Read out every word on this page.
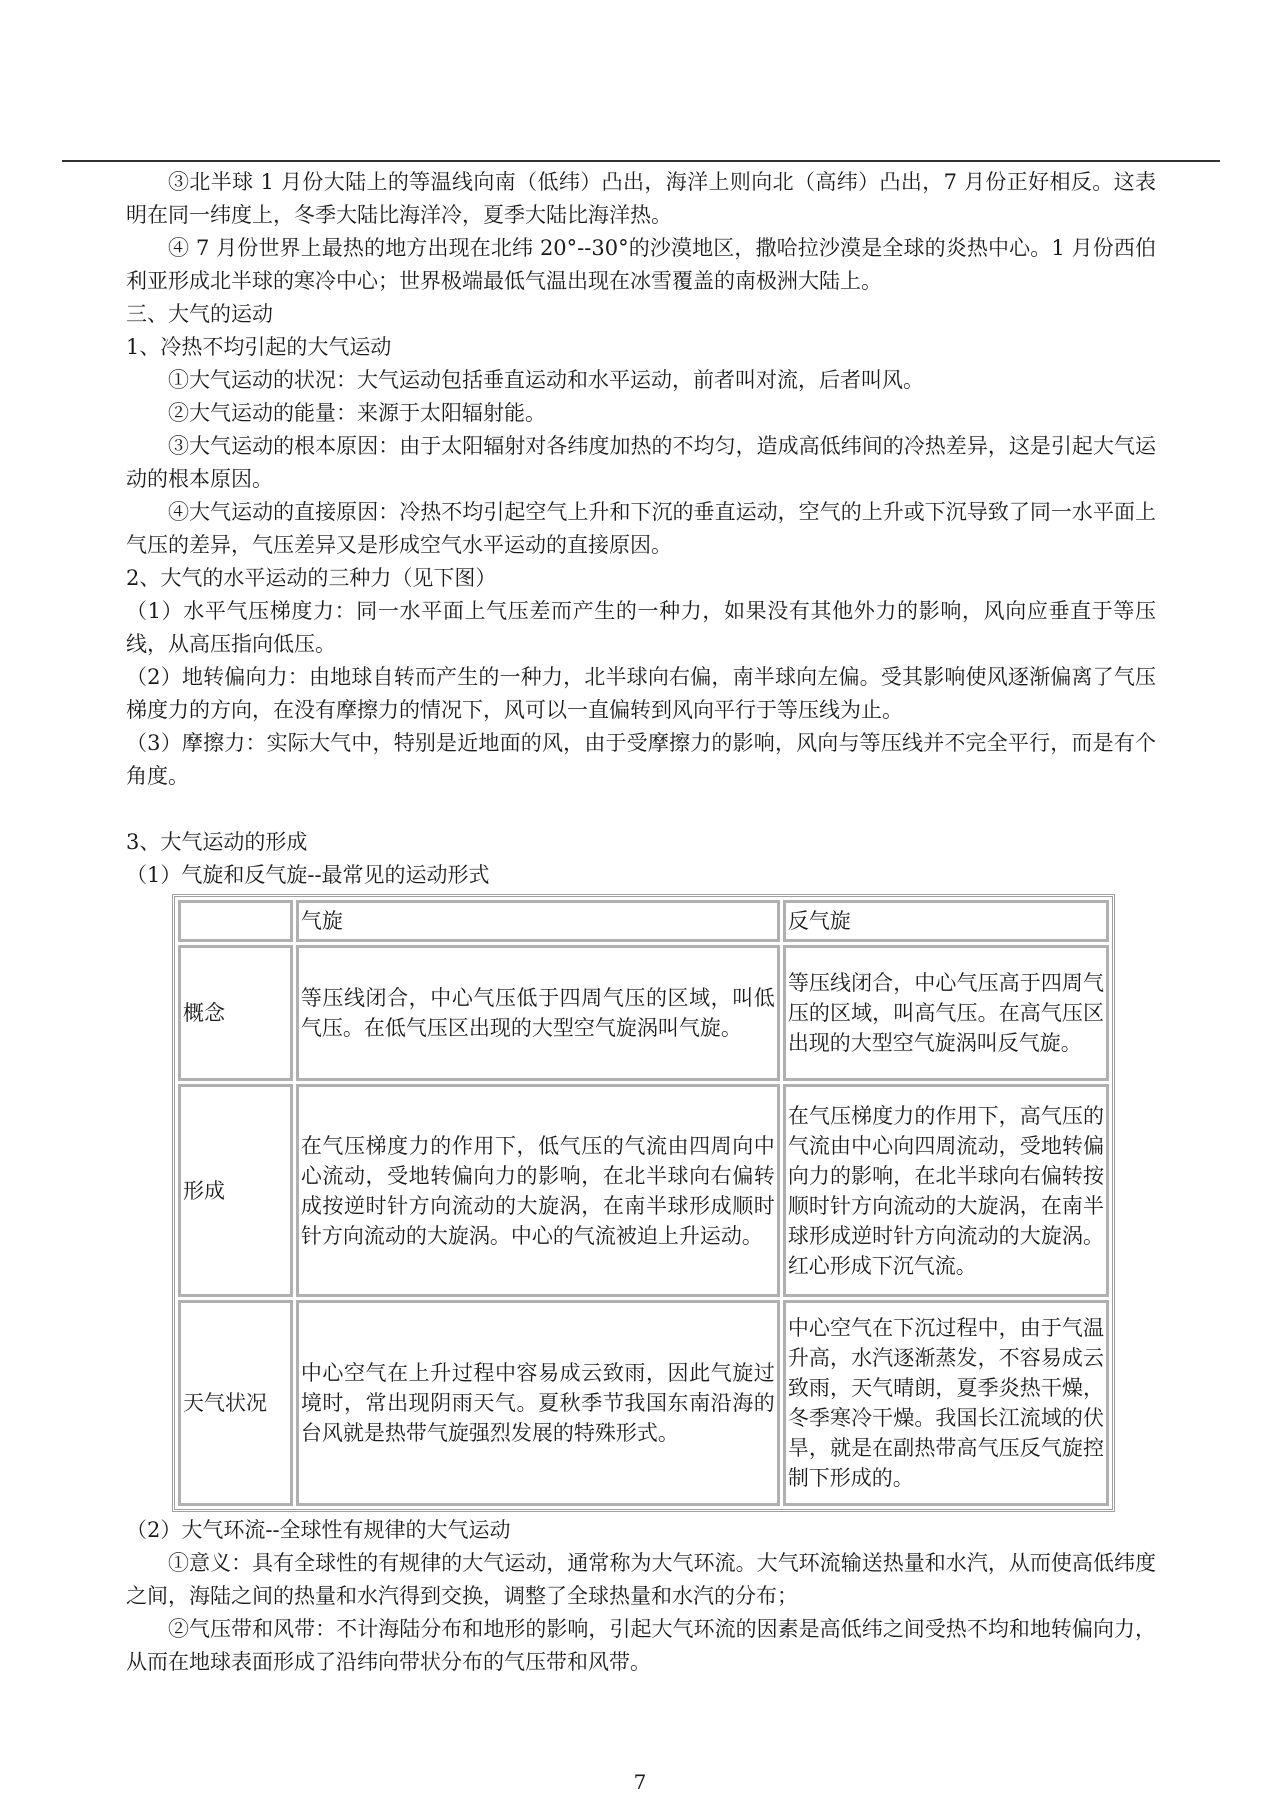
③北半球 1 月份大陆上的等温线向南（低纬）凸出，海洋上则向北（高纬）凸出，7 月份正好相反。这表明在同一纬度上，冬季大陆比海洋冷，夏季大陆比海洋热。

④ 7 月份世界上最热的地方出现在北纬 20°--30°的沙漠地区，撒哈拉沙漠是全球的炎热中心。1 月份西伯利亚形成北半球的寒冷中心；世界极端最低气温出现在冰雪覆盖的南极洲大陆上。

三、大气的运动

1、冷热不均引起的大气运动

①大气运动的状况：大气运动包括垂直运动和水平运动，前者叫对流，后者叫风。

②大气运动的能量：来源于太阳辐射能。

③大气运动的根本原因：由于太阳辐射对各纬度加热的不均匀，造成高低纬间的冷热差异，这是引起大气运动的根本原因。

④大气运动的直接原因：冷热不均引起空气上升和下沉的垂直运动，空气的上升或下沉导致了同一水平面上气压的差异，气压差异又是形成空气水平运动的直接原因。

2、大气的水平运动的三种力（见下图）

（1）水平气压梯度力：同一水平面上气压差而产生的一种力，如果没有其他外力的影响，风向应垂直于等压线，从高压指向低压。

（2）地转偏向力：由地球自转而产生的一种力，北半球向右偏，南半球向左偏。受其影响使风逐渐偏离了气压梯度力的方向，在没有摩擦力的情况下，风可以一直偏转到风向平行于等压线为止。

（3）摩擦力：实际大气中，特别是近地面的风，由于受摩擦力的影响，风向与等压线并不完全平行，而是有个角度。

3、大气运动的形成

（1）气旋和反气旋--最常见的运动形式

	气旋	反气旋
概念	等压线闭合，中心气压低于四周气压的区域，叫低气压。在低气压区出现的大型空气旋涡叫气旋。	等压线闭合，中心气压高于四周气压的区域，叫高气压。在高气压区出现的大型空气旋涡叫反气旋。
形成	在气压梯度力的作用下，低气压的气流由四周向中心流动，受地转偏向力的影响，在北半球向右偏转成按逆时针方向流动的大旋涡，在南半球形成顺时针方向流动的大旋涡。中心的气流被迫上升运动。	在气压梯度力的作用下，高气压的气流由中心向四周流动，受地转偏向力的影响，在北半球向右偏转按顺时针方向流动的大旋涡，在南半球形成逆时针方向流动的大旋涡。红心形成下沉气流。
天气状况	中心空气在上升过程中容易成云致雨，因此气旋过境时，常出现阴雨天气。夏秋季节我国东南沿海的台风就是热带气旋强烈发展的特殊形式。	中心空气在下沉过程中，由于气温升高，水汽逐渐蒸发，不容易成云致雨，天气晴朗，夏季炎热干燥，冬季寒冷干燥。我国长江流域的伏旱，就是在副热带高气压反气旋控制下形成的。

（2）大气环流--全球性有规律的大气运动

①意义：具有全球性的有规律的大气运动，通常称为大气环流。大气环流输送热量和水汽，从而使高低纬度之间，海陆之间的热量和水汽得到交换，调整了全球热量和水汽的分布；

②气压带和风带：不计海陆分布和地形的影响，引起大气环流的因素是高低纬之间受热不均和地转偏向力，从而在地球表面形成了沿纬向带状分布的气压带和风带。

7
